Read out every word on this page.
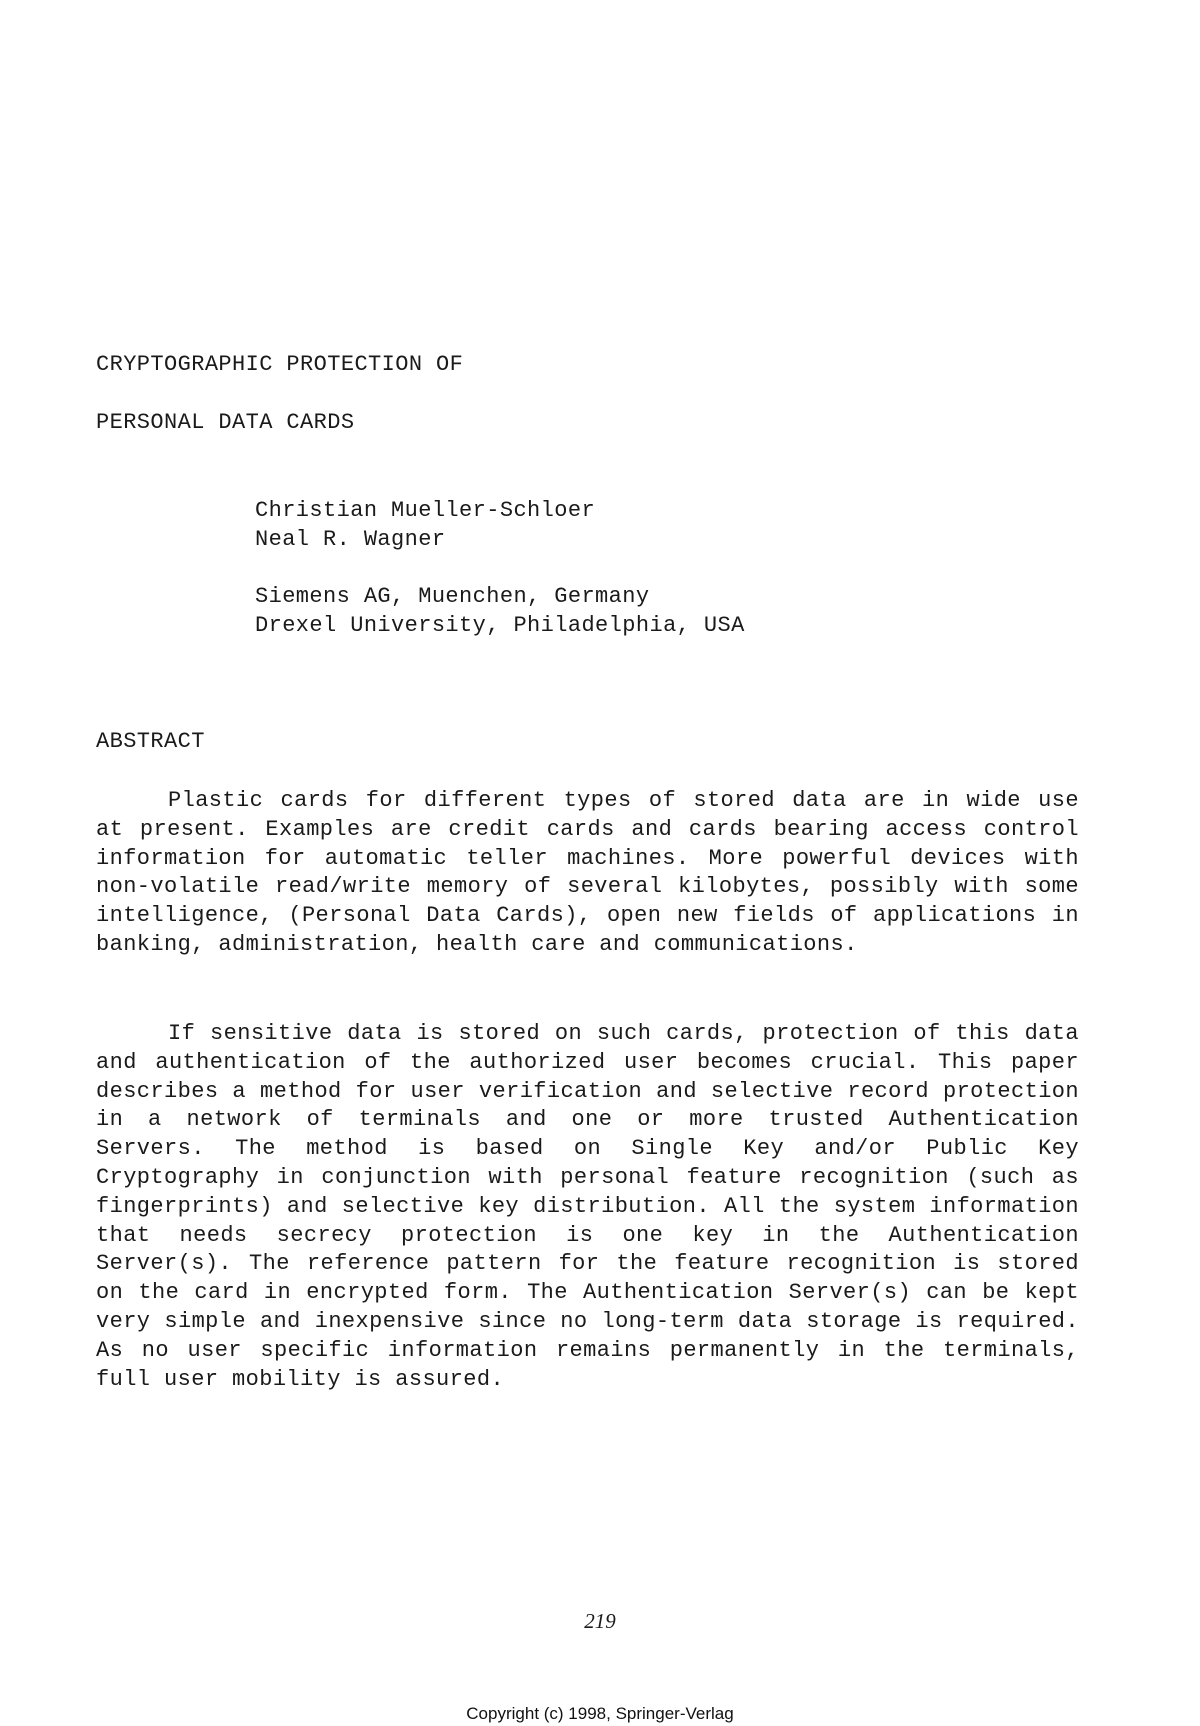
CRYPTOGRAPHIC PROTECTION OF
PERSONAL DATA CARDS
Christian Mueller-Schloer
Neal R. Wagner
Siemens AG, Muenchen, Germany
Drexel University, Philadelphia, USA
ABSTRACT

Plastic cards for different types of stored data are in wide use at present. Examples are credit cards and cards bearing access control information for automatic teller machines. More powerful devices with non-volatile read/write memory of several kilobytes, possibly with some intelligence, (Personal Data Cards), open new fields of applications in banking, administration, health care and communications.

If sensitive data is stored on such cards, protection of this data and authentication of the authorized user becomes crucial. This paper describes a method for user verification and selective record protection in a network of terminals and one or more trusted Authentication Servers. The method is based on Single Key and/or Public Key Cryptography in conjunction with personal feature recognition (such as fingerprints) and selective key distribution. All the system information that needs secrecy protection is one key in the Authentication Server(s). The reference pattern for the feature recognition is stored on the card in encrypted form. The Authentication Server(s) can be kept very simple and inexpensive since no long-term data storage is required. As no user specific information remains permanently in the terminals, full user mobility is assured.

219
Copyright (c) 1998, Springer-Verlag
